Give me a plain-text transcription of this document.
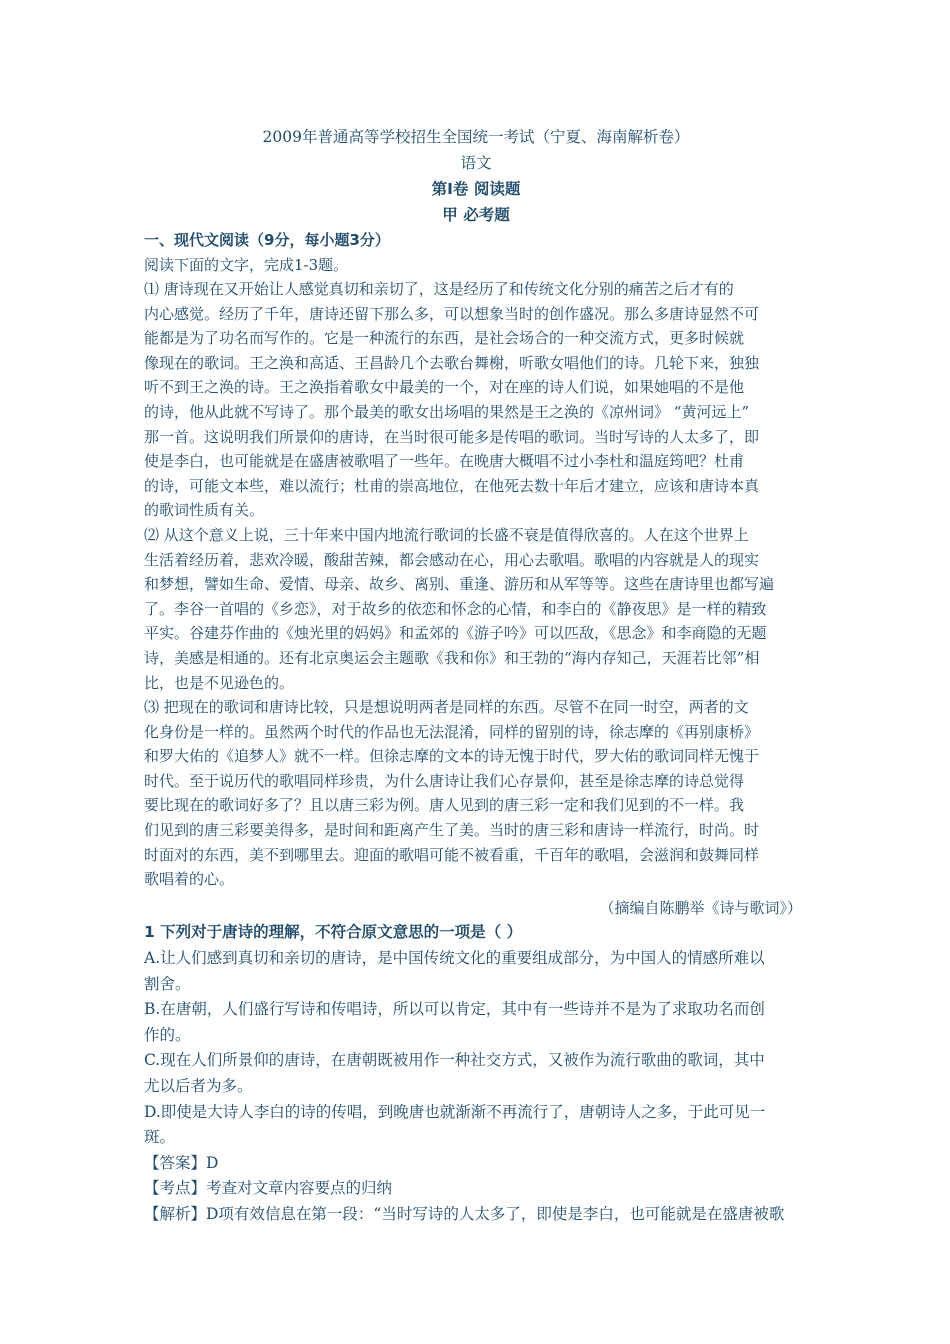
2009年普通高等学校招生全国统一考试（宁夏、海南解析卷）
语文
第Ⅰ卷 阅读题
甲 必考题
一、现代文阅读（9分，每小题3分）
阅读下面的文字，完成1-3题。
⑴ 唐诗现在又开始让人感觉真切和亲切了，这是经历了和传统文化分别的痛苦之后才有的
内心感觉。经历了千年，唐诗还留下那么多，可以想象当时的创作盛况。那么多唐诗显然不可
能都是为了功名而写作的。它是一种流行的东西，是社会场合的一种交流方式，更多时候就
像现在的歌词。王之涣和高适、王昌龄几个去歌台舞榭，听歌女唱他们的诗。几轮下来，独独
听不到王之涣的诗。王之涣指着歌女中最美的一个，对在座的诗人们说，如果她唱的不是他
的诗，他从此就不写诗了。那个最美的歌女出场唱的果然是王之涣的《凉州词》 “黄河远上”
那一首。这说明我们所景仰的唐诗，在当时很可能多是传唱的歌词。当时写诗的人太多了，即
使是李白，也可能就是在盛唐被歌唱了一些年。在晚唐大概唱不过小李杜和温庭筠吧？杜甫
的诗，可能文本些，难以流行；杜甫的崇高地位，在他死去数十年后才建立，应该和唐诗本真
的歌词性质有关。
⑵ 从这个意义上说，三十年来中国内地流行歌词的长盛不衰是值得欣喜的。人在这个世界上
生活着经历着，悲欢冷暖，酸甜苦辣，都会感动在心，用心去歌唱。歌唱的内容就是人的现实
和梦想，譬如生命、爱情、母亲、故乡、离别、重逢、游历和从军等等。这些在唐诗里也都写遍
了。李谷一首唱的《乡恋》，对于故乡的依恋和怀念的心情，和李白的《静夜思》是一样的精致
平实。谷建芬作曲的《烛光里的妈妈》和孟郊的《游子吟》可以匹敌，《思念》和李商隐的无题
诗，美感是相通的。还有北京奥运会主题歌《我和你》和王勃的“海内存知己，天涯若比邻”相
比，也是不见逊色的。
⑶ 把现在的歌词和唐诗比较，只是想说明两者是同样的东西。尽管不在同一时空，两者的文
化身份是一样的。虽然两个时代的作品也无法混淆，同样的留别的诗，徐志摩的《再别康桥》
和罗大佑的《追梦人》就不一样。但徐志摩的文本的诗无愧于时代，罗大佑的歌词同样无愧于
时代。至于说历代的歌唱同样珍贵，为什么唐诗让我们心存景仰，甚至是徐志摩的诗总觉得
要比现在的歌词好多了？且以唐三彩为例。唐人见到的唐三彩一定和我们见到的不一样。我
们见到的唐三彩要美得多，是时间和距离产生了美。当时的唐三彩和唐诗一样流行，时尚。时
时面对的东西，美不到哪里去。迎面的歌唱可能不被看重，千百年的歌唱，会滋润和鼓舞同样
歌唱着的心。
（摘编自陈鹏举《诗与歌词》）
1 下列对于唐诗的理解，不符合原文意思的一项是（ ）
A.让人们感到真切和亲切的唐诗，是中国传统文化的重要组成部分，为中国人的情感所难以
割舍。
B.在唐朝，人们盛行写诗和传唱诗，所以可以肯定，其中有一些诗并不是为了求取功名而创
作的。
C.现在人们所景仰的唐诗，在唐朝既被用作一种社交方式，又被作为流行歌曲的歌词，其中
尤以后者为多。
D.即使是大诗人李白的诗的传唱，到晚唐也就渐渐不再流行了，唐朝诗人之多，于此可见一
斑。
【答案】D
【考点】考查对文章内容要点的归纳
【解析】D项有效信息在第一段：“当时写诗的人太多了，即使是李白，也可能就是在盛唐被歌
